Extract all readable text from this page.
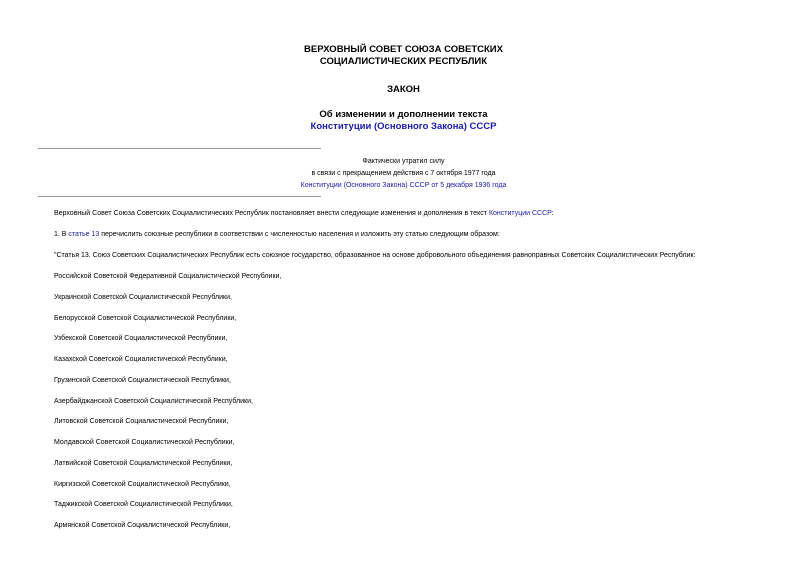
ВЕРХОВНЫЙ СОВЕТ СОЮЗА СОВЕТСКИХ
СОЦИАЛИСТИЧЕСКИХ РЕСПУБЛИК
ЗАКОН
Об изменении и дополнении текста
Конституции (Основного Закона) СССР
Фактически утратил силу
в связи с прекращением действия с 7 октября 1977 года
Конституции (Основного Закона) СССР от 5 декабря 1936 года
Верховный Совет Союза Советских Социалистических Республик постановляет внести следующие изменения и дополнения в текст Конституции СССР:
1. В статье 13 перечислить союзные республики в соответствии с численностью населения и изложить эту статью следующим образом:
"Статья 13. Союз Советских Социалистических Республик есть союзное государство, образованное на основе добровольного объединения равноправных Советских Социалистических Республик:
Российской Советской Федеративной Социалистической Республики,
Украинской Советской Социалистической Республики,
Белорусской Советской Социалистической Республики,
Узбекской Советской Социалистической Республики,
Казахской Советской Социалистической Республики,
Грузинской Советской Социалистической Республики,
Азербайджанской Советской Социалистической Республики,
Литовской Советской Социалистической Республики,
Молдавской Советской Социалистической Республики,
Латвийской Советской Социалистической Республики,
Киргизской Советской Социалистической Республики,
Таджикской Советской Социалистической Республики,
Армянской Советской Социалистической Республики,
